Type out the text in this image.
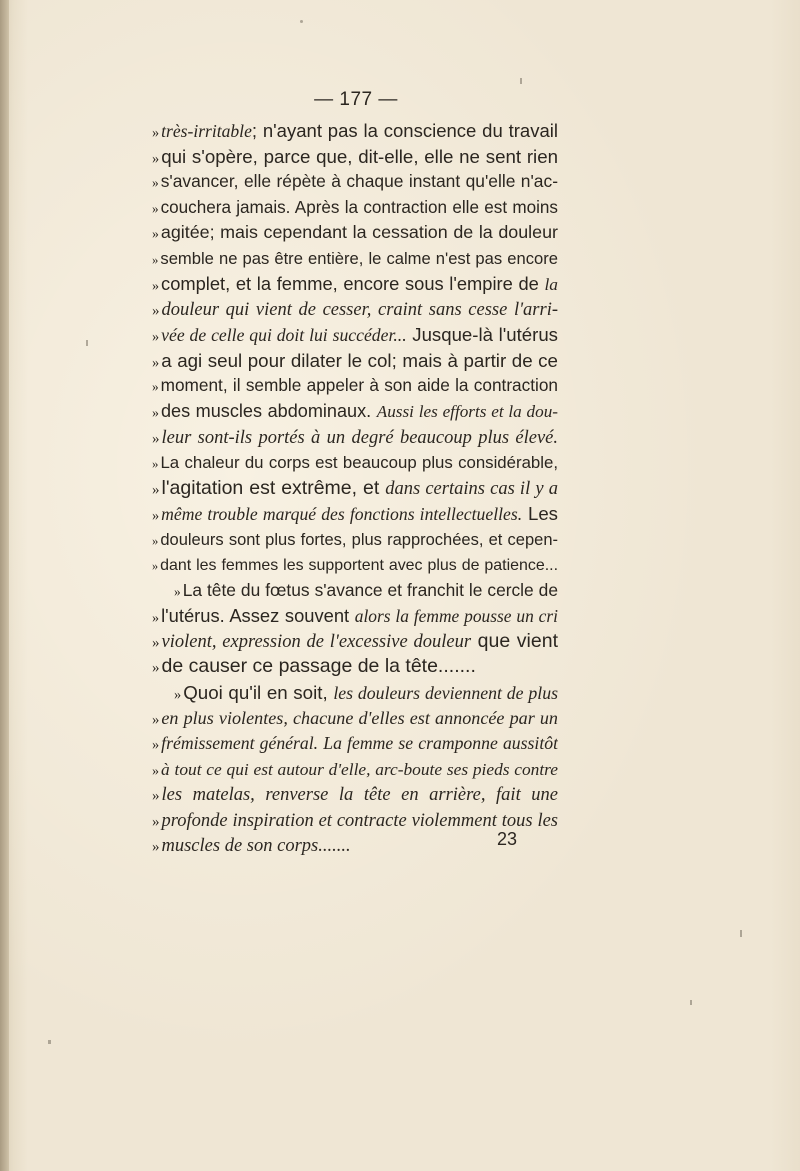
— 177 —
» très-irritable; n'ayant pas la conscience du travail
» qui s'opère, parce que, dit-elle, elle ne sent rien
» s'avancer, elle répète à chaque instant qu'elle n'ac-
» couchera jamais. Après la contraction elle est moins
» agitée; mais cependant la cessation de la douleur
» semble ne pas être entière, le calme n'est pas encore
» complet, et la femme, encore sous l'empire de la
» douleur qui vient de cesser, craint sans cesse l'arri-
» vée de celle qui doit lui succéder... Jusque-là l'utérus
» a agi seul pour dilater le col; mais à partir de ce
» moment, il semble appeler à son aide la contraction
» des muscles abdominaux. Aussi les efforts et la dou-
» leur sont-ils portés à un degré beaucoup plus élevé.
» La chaleur du corps est beaucoup plus considérable,
» l'agitation est extrême, et dans certains cas il y a
» même trouble marqué des fonctions intellectuelles. Les
» douleurs sont plus fortes, plus rapprochées, et cepen-
» dant les femmes les supportent avec plus de patience...
» La tête du fœtus s'avance et franchit le cercle de
» l'utérus. Assez souvent alors la femme pousse un cri
» violent, expression de l'excessive douleur que vient
» de causer ce passage de la tête.......
» Quoi qu'il en soit, les douleurs deviennent de plus
» en plus violentes, chacune d'elles est annoncée par un
» frémissement général. La femme se cramponne aussitôt
» à tout ce qui est autour d'elle, arc-boute ses pieds contre
» les matelas, renverse la tête en arrière, fait une
» profonde inspiration et contracte violemment tous les
» muscles de son corps.......	23
